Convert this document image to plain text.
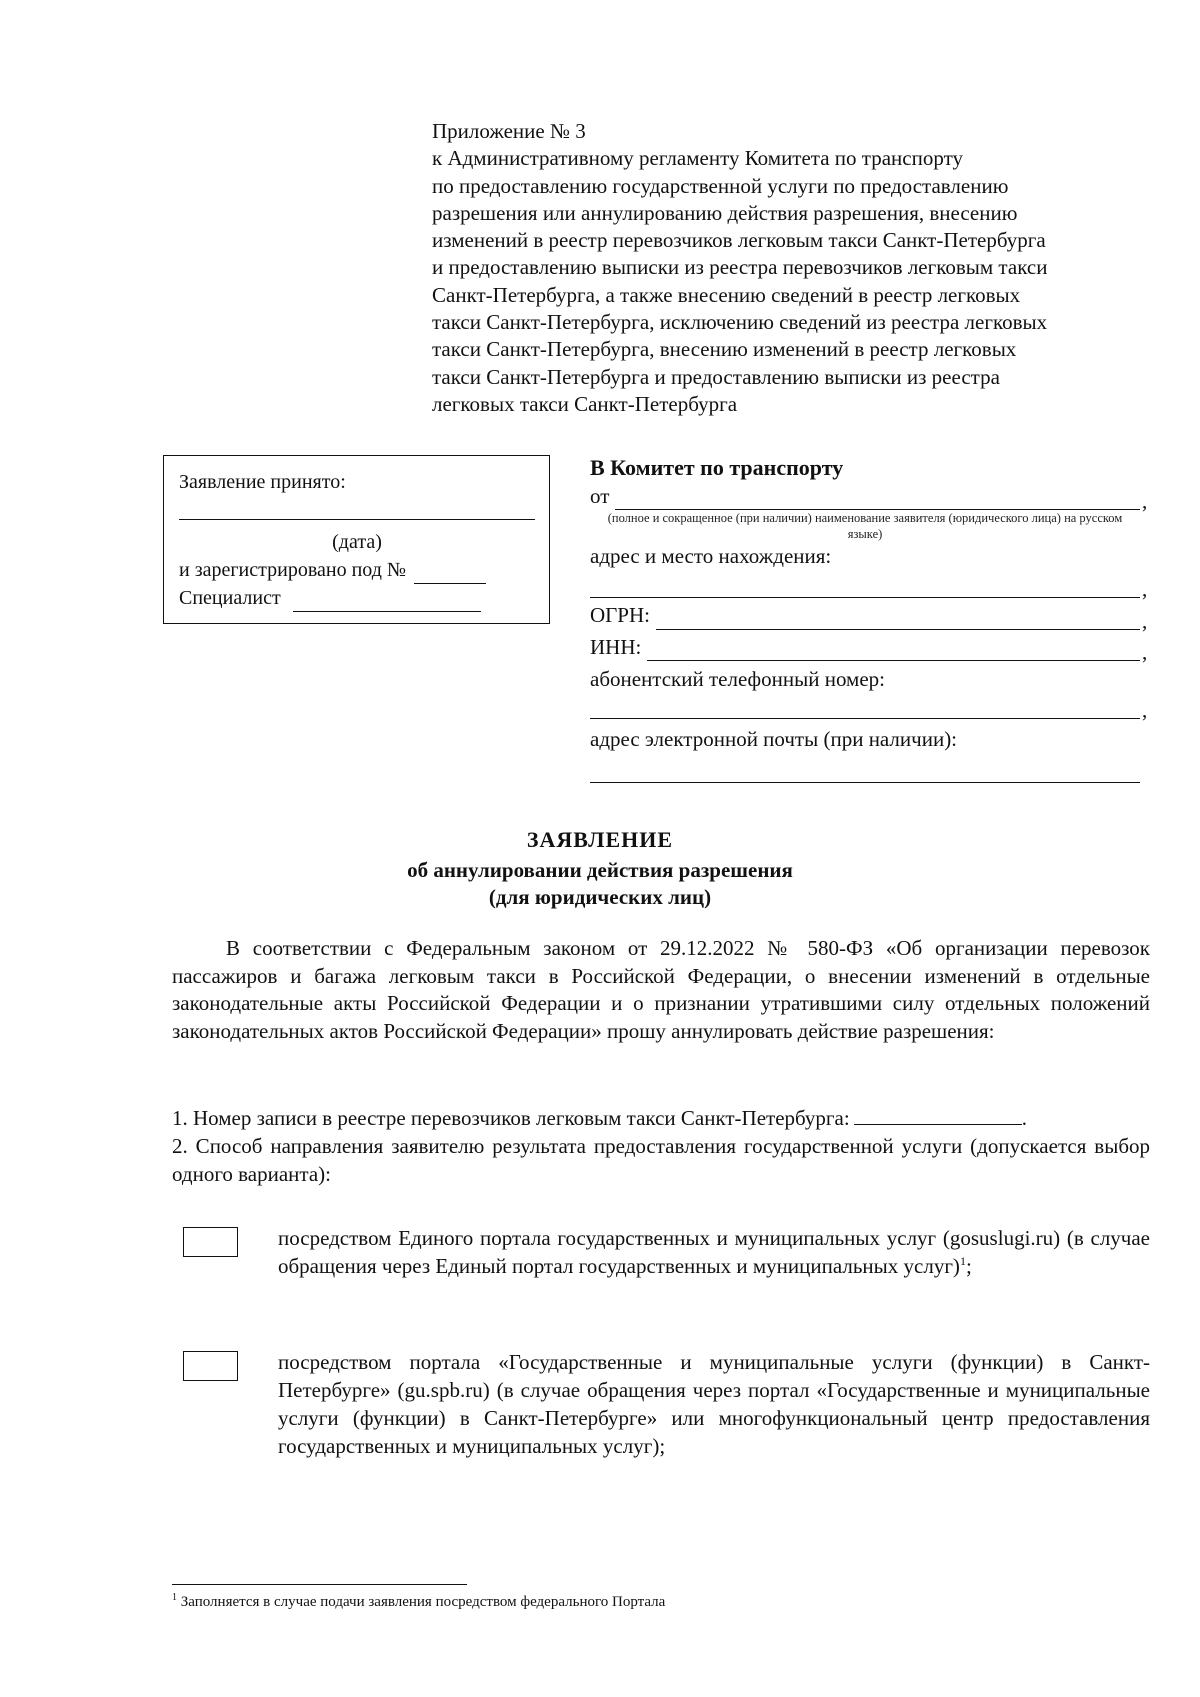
Приложение № 3
к Административному регламенту Комитета по транспорту
по предоставлению государственной услуги по предоставлению
разрешения или аннулированию действия разрешения, внесению
изменений в реестр перевозчиков легковым такси Санкт-Петербурга
и предоставлению выписки из реестра перевозчиков легковым такси
Санкт-Петербурга, а также внесению сведений в реестр легковых
такси Санкт-Петербурга, исключению сведений из реестра легковых
такси Санкт-Петербурга, внесению изменений в реестр легковых
такси Санкт-Петербурга и предоставлению выписки из реестра
легковых такси Санкт-Петербурга
Заявление принято:
(дата)
и зарегистрировано под №
Специалист
В Комитет по транспорту
от	,
(полное и сокращенное (при наличии) наименование заявителя (юридического лица) на русском языке)
адрес и место нахождения:
,
ОГРН:	,
ИНН:	,
абонентский телефонный номер:
,
адрес электронной почты (при наличии):
ЗАЯВЛЕНИЕ
об аннулировании действия разрешения
(для юридических лиц)
В соответствии с Федеральным законом от 29.12.2022 № 580-ФЗ «Об организации перевозок пассажиров и багажа легковым такси в Российской Федерации, о внесении изменений в отдельные законодательные акты Российской Федерации и о признании утратившими силу отдельных положений законодательных актов Российской Федерации» прошу аннулировать действие разрешения:
1. Номер записи в реестре перевозчиков легковым такси Санкт-Петербурга:	.
2. Способ направления заявителю результата предоставления государственной услуги (допускается выбор одного варианта):
посредством Единого портала государственных и муниципальных услуг (gosuslugi.ru) (в случае обращения через Единый портал государственных и муниципальных услуг)$^1$;
посредством портала «Государственные и муниципальные услуги (функции) в Санкт-Петербурге» (gu.spb.ru) (в случае обращения через портал «Государственные и муниципальные услуги (функции) в Санкт-Петербурге» или многофункциональный центр предоставления государственных и муниципальных услуг);
$^1$ Заполняется в случае подачи заявления посредством федерального Портала
